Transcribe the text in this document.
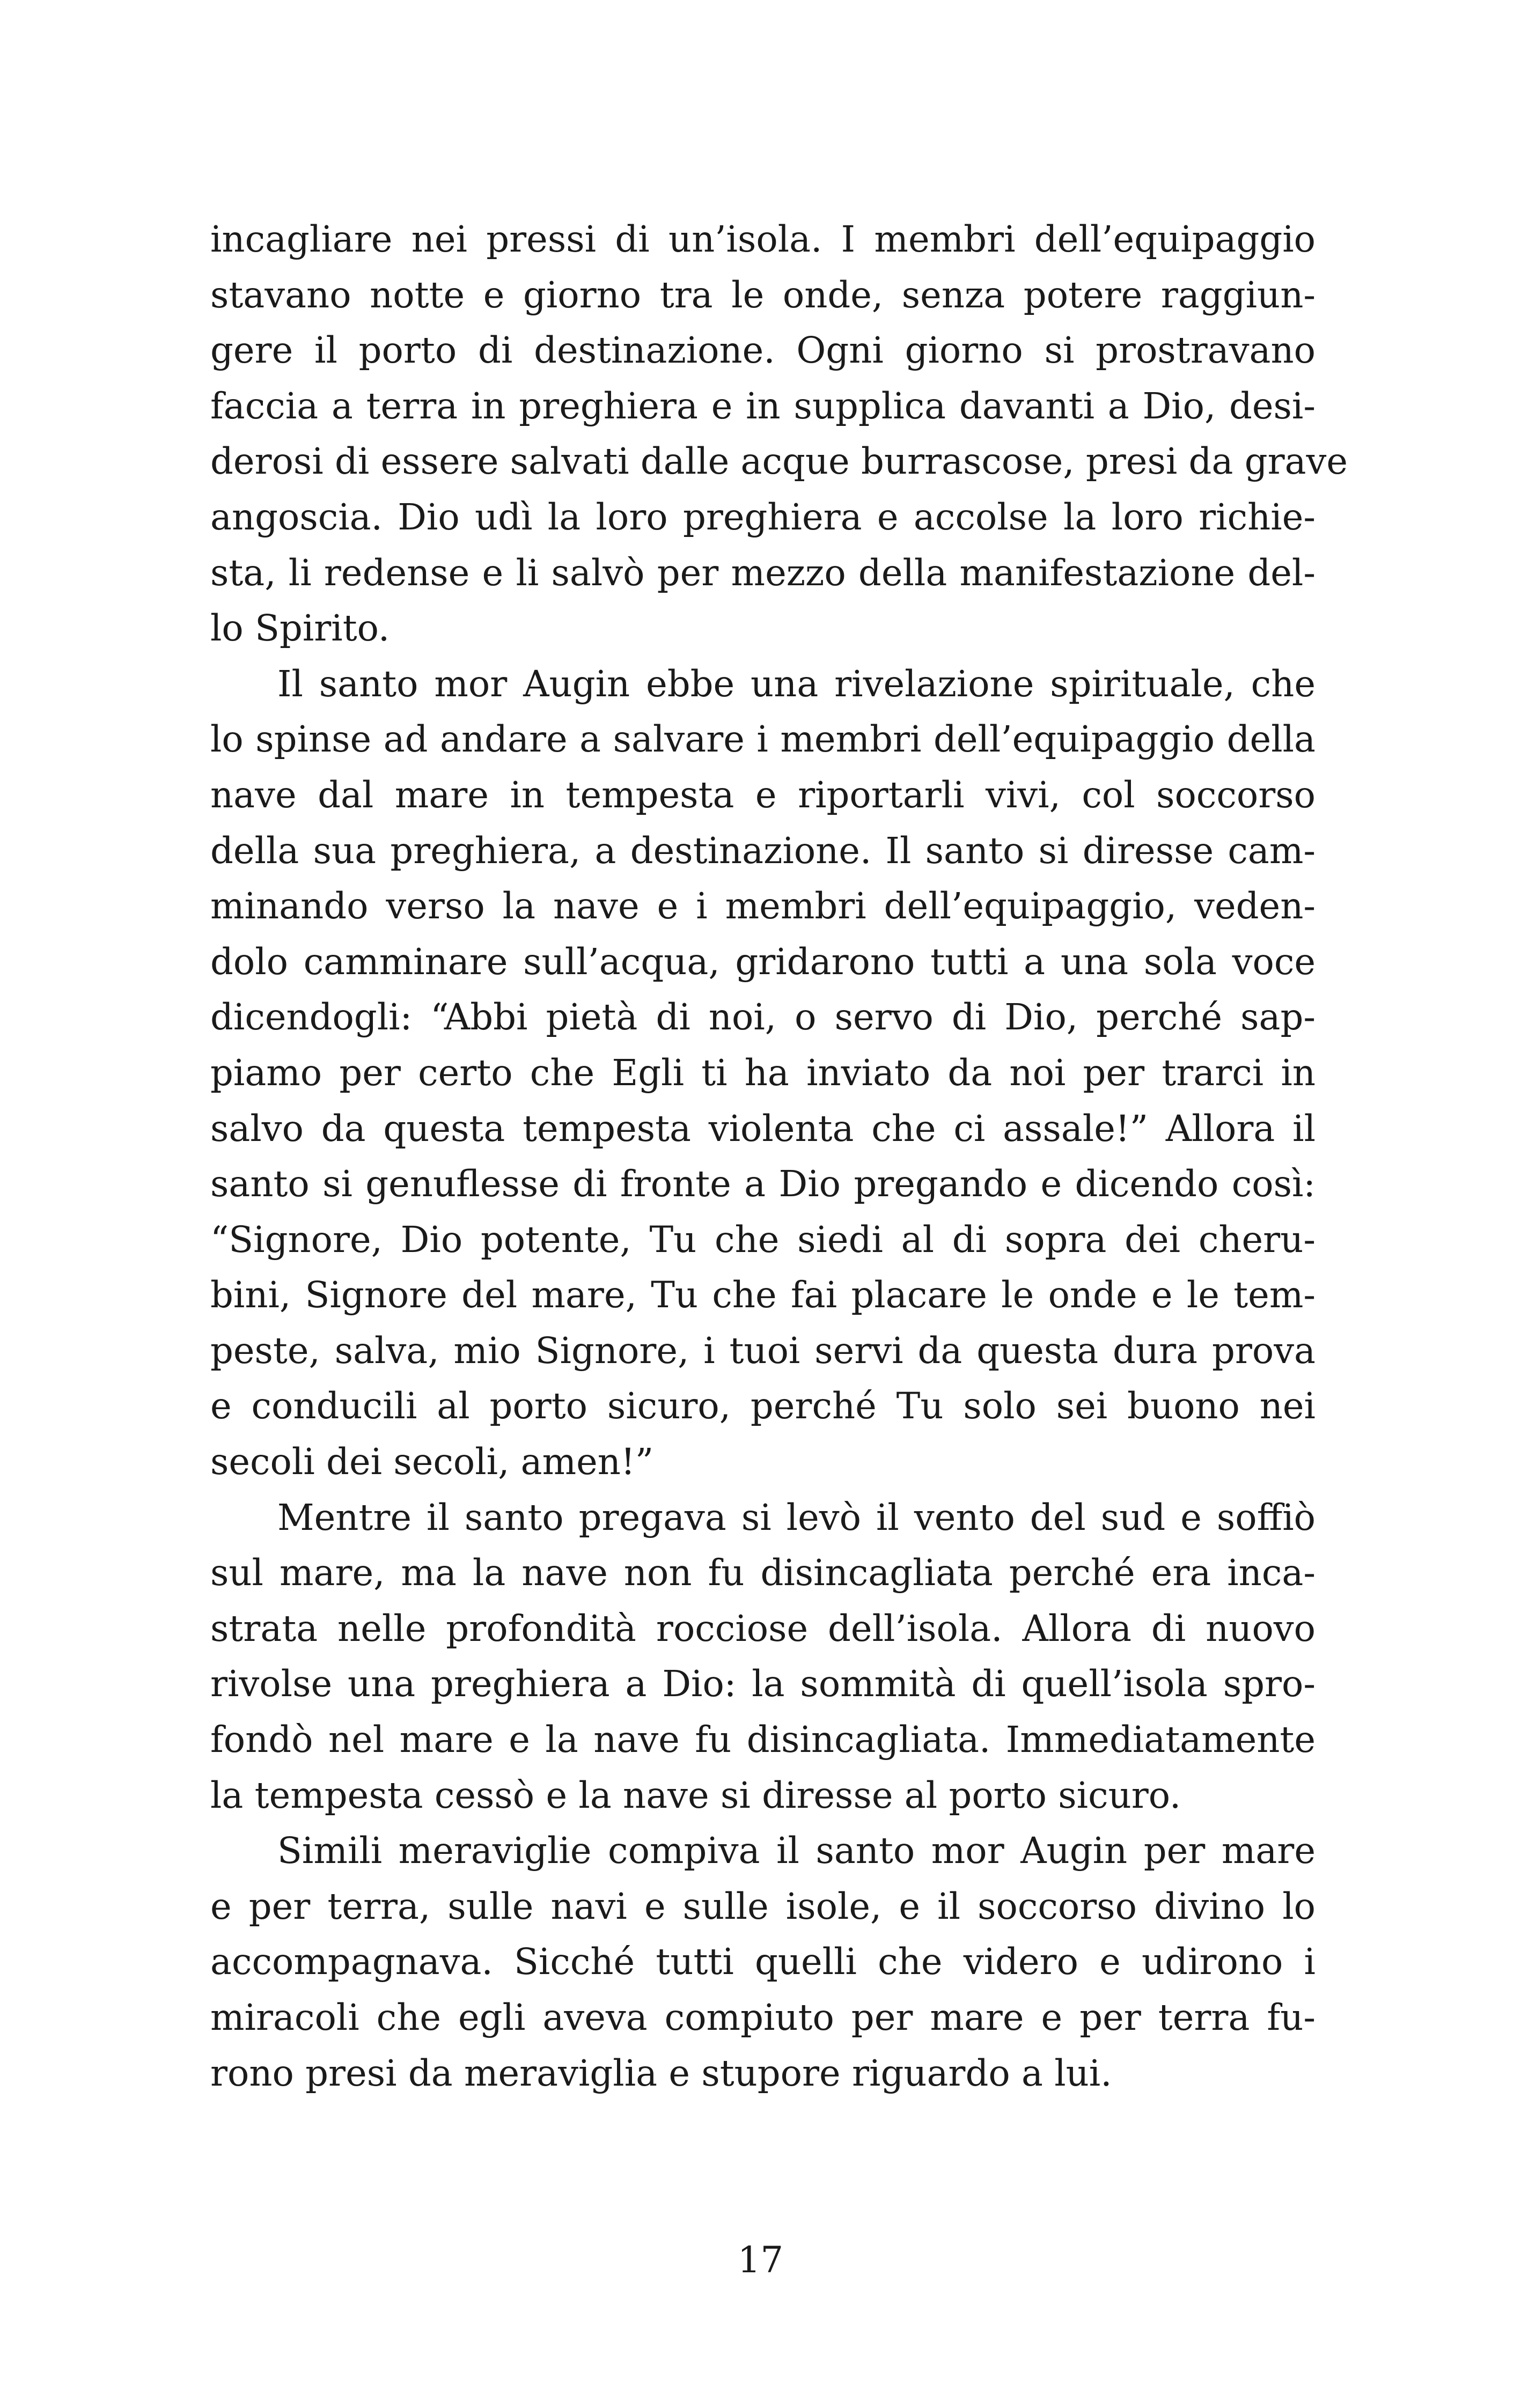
incagliare nei pressi di un’isola. I membri dell’equipaggio
stavano notte e giorno tra le onde, senza potere raggiun-
gere il porto di destinazione. Ogni giorno si prostravano
faccia a terra in preghiera e in supplica davanti a Dio, desi-
derosi di essere salvati dalle acque burrascose, presi da grave
angoscia. Dio udì la loro preghiera e accolse la loro richie-
sta, li redense e li salvò per mezzo della manifestazione del-
lo Spirito.
Il santo mor Augin ebbe una rivelazione spirituale, che
lo spinse ad andare a salvare i membri dell’equipaggio della
nave dal mare in tempesta e riportarli vivi, col soccorso
della sua preghiera, a destinazione. Il santo si diresse cam-
minando verso la nave e i membri dell’equipaggio, veden-
dolo camminare sull’acqua, gridarono tutti a una sola voce
dicendogli: “Abbi pietà di noi, o servo di Dio, perché sap-
piamo per certo che Egli ti ha inviato da noi per trarci in
salvo da questa tempesta violenta che ci assale!” Allora il
santo si genuflesse di fronte a Dio pregando e dicendo così:
“Signore, Dio potente, Tu che siedi al di sopra dei cheru-
bini, Signore del mare, Tu che fai placare le onde e le tem-
peste, salva, mio Signore, i tuoi servi da questa dura prova
e conducili al porto sicuro, perché Tu solo sei buono nei
secoli dei secoli, amen!”
Mentre il santo pregava si levò il vento del sud e soffiò
sul mare, ma la nave non fu disincagliata perché era inca-
strata nelle profondità rocciose dell’isola. Allora di nuovo
rivolse una preghiera a Dio: la sommità di quell’isola spro-
fondò nel mare e la nave fu disincagliata. Immediatamente
la tempesta cessò e la nave si diresse al porto sicuro.
Simili meraviglie compiva il santo mor Augin per mare
e per terra, sulle navi e sulle isole, e il soccorso divino lo
accompagnava. Sicché tutti quelli che videro e udirono i
miracoli che egli aveva compiuto per mare e per terra fu-
rono presi da meraviglia e stupore riguardo a lui.
17
